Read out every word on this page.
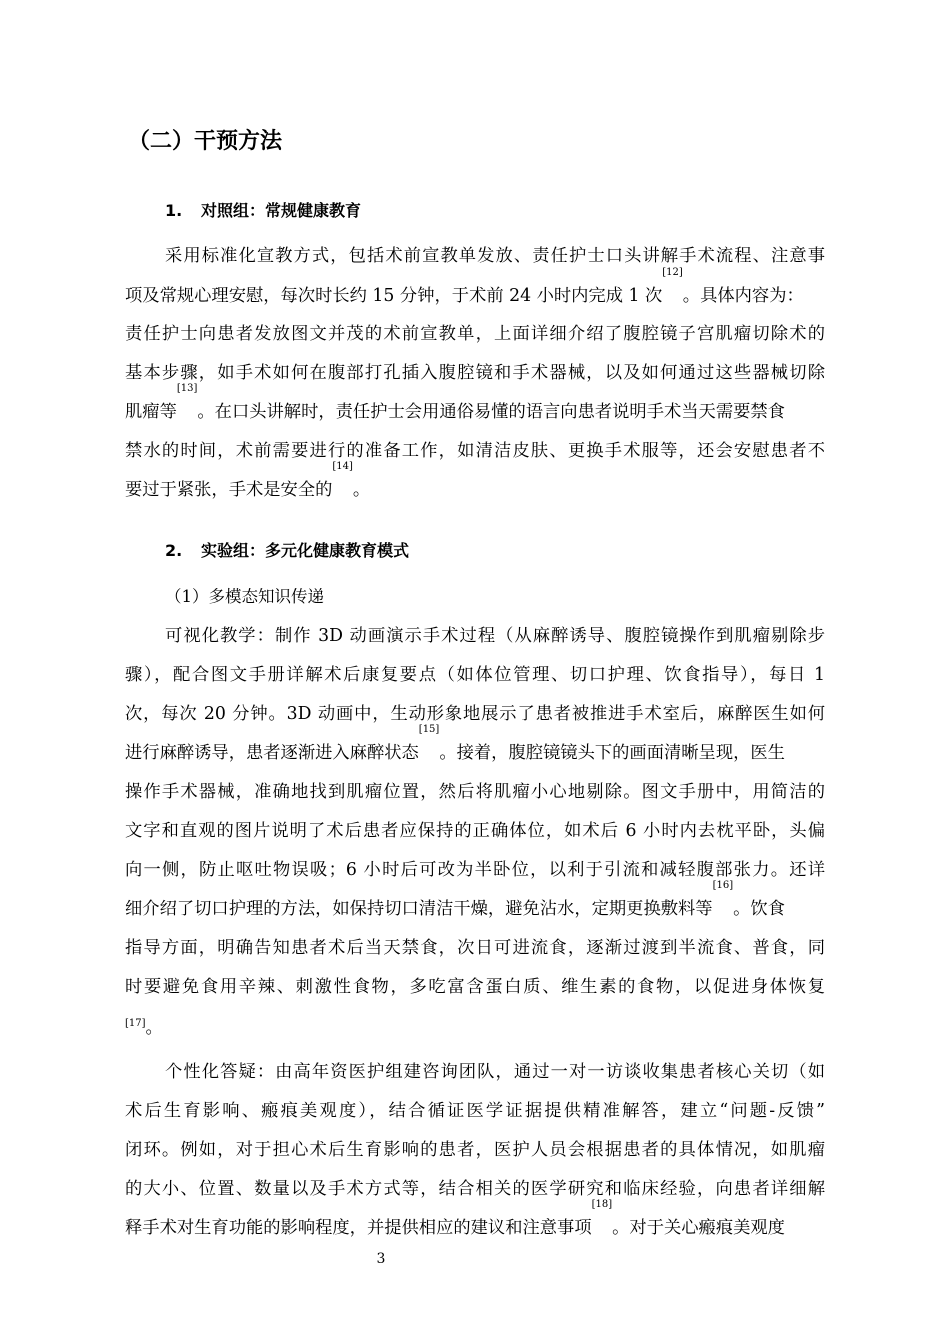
（二）干预方法
1. 对照组：常规健康教育

采用标准化宣教方式，包括术前宣教单发放、责任护士口头讲解手术流程、注意事

项及常规心理安慰，每次时长约 15 分钟，于术前 24 小时内完成 1 次[12]。具体内容为：

责任护士向患者发放图文并茂的术前宣教单，上面详细介绍了腹腔镜子宫肌瘤切除术的

基本步骤，如手术如何在腹部打孔插入腹腔镜和手术器械，以及如何通过这些器械切除

肌瘤等[13]。在口头讲解时，责任护士会用通俗易懂的语言向患者说明手术当天需要禁食

禁水的时间，术前需要进行的准备工作，如清洁皮肤、更换手术服等，还会安慰患者不

要过于紧张，手术是安全的[14]。

2. 实验组：多元化健康教育模式

（1）多模态知识传递

可视化教学：制作 3D 动画演示手术过程（从麻醉诱导、腹腔镜操作到肌瘤剔除步

骤），配合图文手册详解术后康复要点（如体位管理、切口护理、饮食指导），每日 1

次，每次 20 分钟。3D 动画中，生动形象地展示了患者被推进手术室后，麻醉医生如何

进行麻醉诱导，患者逐渐进入麻醉状态[15]。接着，腹腔镜镜头下的画面清晰呈现，医生

操作手术器械，准确地找到肌瘤位置，然后将肌瘤小心地剔除。图文手册中，用简洁的

文字和直观的图片说明了术后患者应保持的正确体位，如术后 6 小时内去枕平卧，头偏

向一侧，防止呕吐物误吸；6 小时后可改为半卧位，以利于引流和减轻腹部张力。还详

细介绍了切口护理的方法，如保持切口清洁干燥，避免沾水，定期更换敷料等[16]。饮食

指导方面，明确告知患者术后当天禁食，次日可进流食，逐渐过渡到半流食、普食，同

时要避免食用辛辣、刺激性食物，多吃富含蛋白质、维生素的食物，以促进身体恢复

[17]。

个性化答疑：由高年资医护组建咨询团队，通过一对一访谈收集患者核心关切（如

术后生育影响、瘢痕美观度），结合循证医学证据提供精准解答，建立“问题-反馈”

闭环。例如，对于担心术后生育影响的患者，医护人员会根据患者的具体情况，如肌瘤

的大小、位置、数量以及手术方式等，结合相关的医学研究和临床经验，向患者详细解

释手术对生育功能的影响程度，并提供相应的建议和注意事项[18]。对于关心瘢痕美观度

3
